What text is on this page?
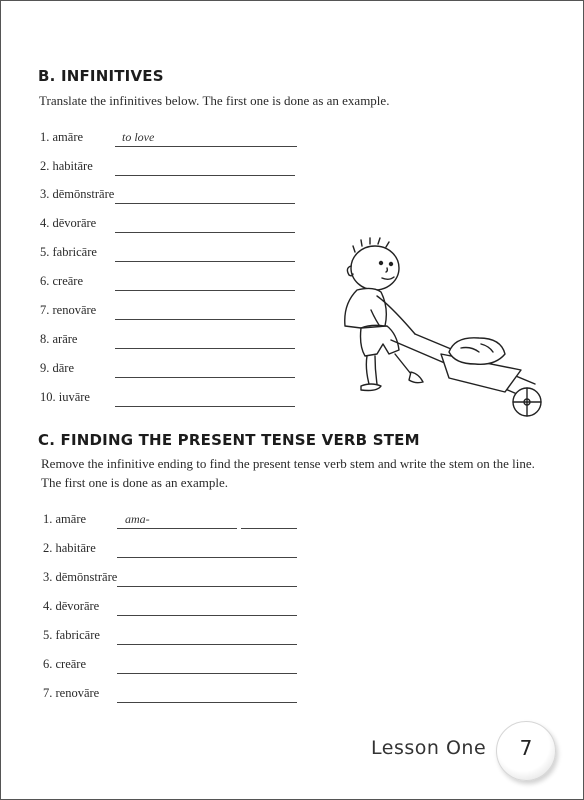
B. INFINITIVES

Translate the infinitives below. The first one is done as an example.

1. amāre	to love
2. habitāre
3. dēmōnstrāre
4. dēvorāre
5. fabricāre
6. creāre
7. renovāre
8. arāre
9. dāre
10. iuvāre
C. FINDING THE PRESENT TENSE VERB STEM

Remove the infinitive ending to find the present tense verb stem and write the stem on the line. The first one is done as an example.

1. amāre	ama-
2. habitāre
3. dēmōnstrāre
4. dēvorāre
5. fabricāre
6. creāre
7. renovāre
Lesson One	7
